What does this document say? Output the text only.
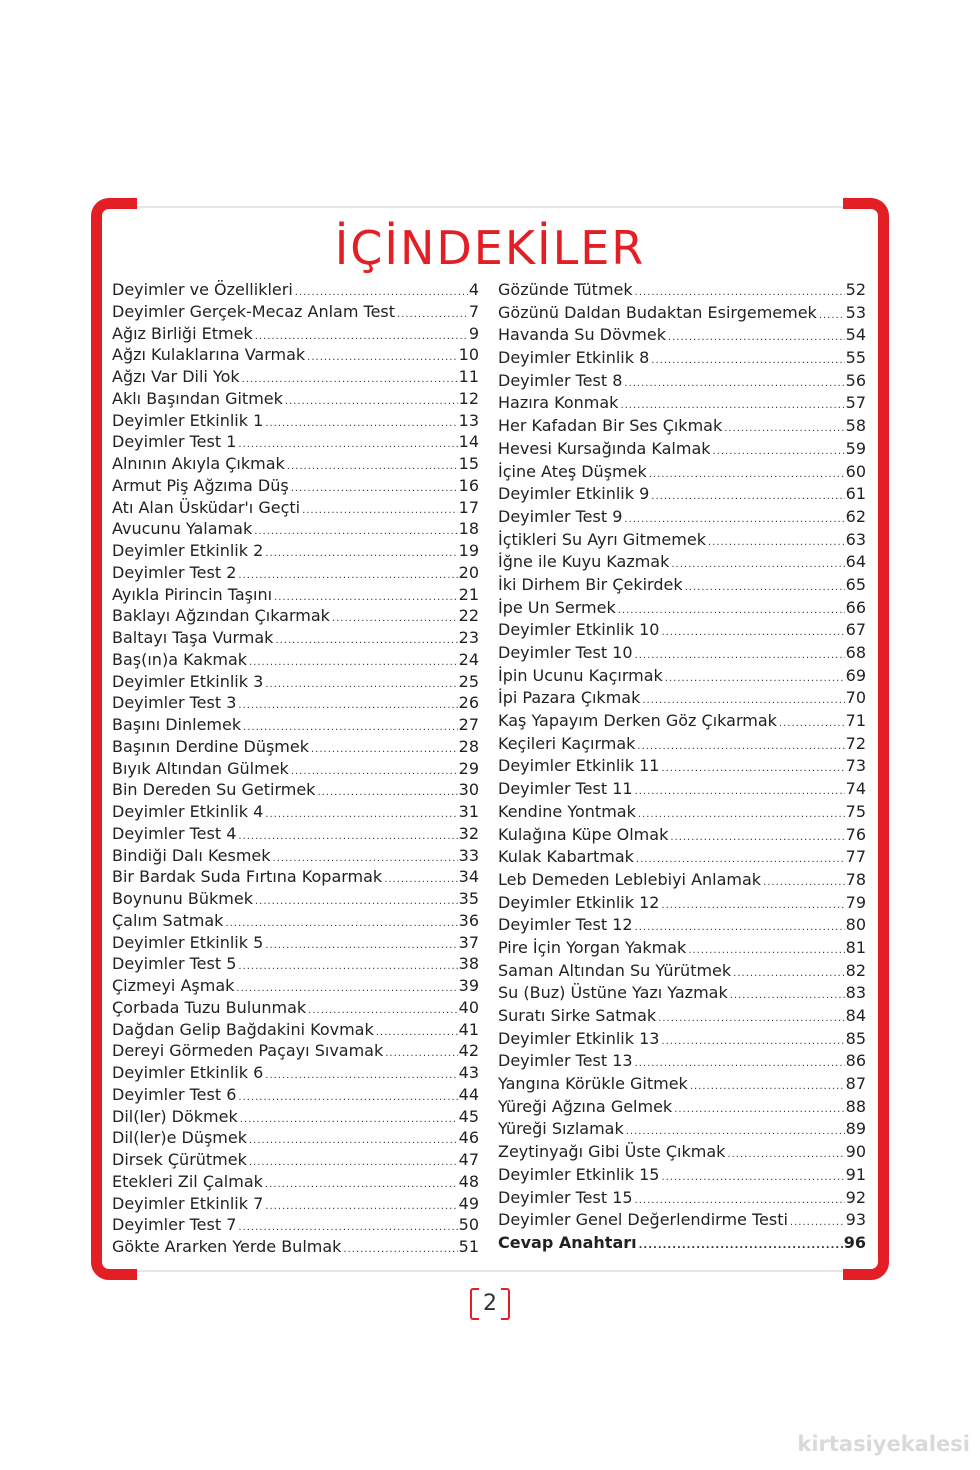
İÇİNDEKİLER
Deyimler ve Özellikleri .....	4
Deyimler Gerçek-Mecaz Anlam Test .....	7
Ağız Birliği Etmek .....	9
Ağzı Kulaklarına Varmak .....	10
Ağzı Var Dili Yok .....	11
Aklı Başından Gitmek .....	12
Deyimler Etkinlik 1 .....	13
Deyimler Test 1 .....	14
Alnının Akıyla Çıkmak .....	15
Armut Piş Ağzıma Düş .....	16
Atı Alan Üsküdar'ı Geçti .....	17
Avucunu Yalamak .....	18
Deyimler Etkinlik 2 .....	19
Deyimler Test 2 .....	20
Ayıkla Pirincin Taşını .....	21
Baklayı Ağzından Çıkarmak .....	22
Baltayı Taşa Vurmak .....	23
Baş(ın)a Kakmak .....	24
Deyimler Etkinlik 3 .....	25
Deyimler Test 3 .....	26
Başını Dinlemek .....	27
Başının Derdine Düşmek .....	28
Bıyık Altından Gülmek .....	29
Bin Dereden Su Getirmek .....	30
Deyimler Etkinlik 4 .....	31
Deyimler Test 4 .....	32
Bindiği Dalı Kesmek .....	33
Bir Bardak Suda Fırtına Koparmak .....	34
Boynunu Bükmek .....	35
Çalım Satmak .....	36
Deyimler Etkinlik 5 .....	37
Deyimler Test 5 .....	38
Çizmeyi Aşmak .....	39
Çorbada Tuzu Bulunmak .....	40
Dağdan Gelip Bağdakini Kovmak .....	41
Dereyi Görmeden Paçayı Sıvamak .....	42
Deyimler Etkinlik 6 .....	43
Deyimler Test 6 .....	44
Dil(ler) Dökmek .....	45
Dil(ler)e Düşmek .....	46
Dirsek Çürütmek .....	47
Etekleri Zil Çalmak .....	48
Deyimler Etkinlik 7 .....	49
Deyimler Test 7 .....	50
Gökte Ararken Yerde Bulmak .....	51
Gözünde Tütmek .....	52
Gözünü Daldan Budaktan Esirgememek ..... 53
Havanda Su Dövmek .....	54
Deyimler Etkinlik 8 .....	55
Deyimler Test 8 .....	56
Hazıra Konmak .....	57
Her Kafadan Bir Ses Çıkmak .....	58
Hevesi Kursağında Kalmak .....	59
İçine Ateş Düşmek .....	60
Deyimler Etkinlik 9 .....	61
Deyimler Test 9 .....	62
İçtikleri Su Ayrı Gitmemek .....	63
İğne ile Kuyu Kazmak .....	64
İki Dirhem Bir Çekirdek .....	65
İpe Un Sermek .....	66
Deyimler Etkinlik 10 .....	67
Deyimler Test 10 .....	68
İpin Ucunu Kaçırmak .....	69
İpi Pazara Çıkmak .....	70
Kaş Yapayım Derken Göz Çıkarmak .....	71
Keçileri Kaçırmak .....	72
Deyimler Etkinlik 11 .....	73
Deyimler Test 11 .....	74
Kendine Yontmak .....	75
Kulağına Küpe Olmak .....	76
Kulak Kabartmak .....	77
Leb Demeden Leblebiyi Anlamak .....	78
Deyimler Etkinlik 12 .....	79
Deyimler Test 12 .....	80
Pire İçin Yorgan Yakmak .....	81
Saman Altından Su Yürütmek .....	82
Su (Buz) Üstüne Yazı Yazmak .....	83
Suratı Sirke Satmak .....	84
Deyimler Etkinlik 13 .....	85
Deyimler Test 13 .....	86
Yangına Körükle Gitmek .....	87
Yüreği Ağzına Gelmek .....	88
Yüreği Sızlamak .....	89
Zeytinyağı Gibi Üste Çıkmak .....	90
Deyimler Etkinlik 15 .....	91
Deyimler Test 15 .....	92
Deyimler Genel Değerlendirme Testi .....	93
Cevap Anahtarı .....	96
2
kirtasiyekalesi
